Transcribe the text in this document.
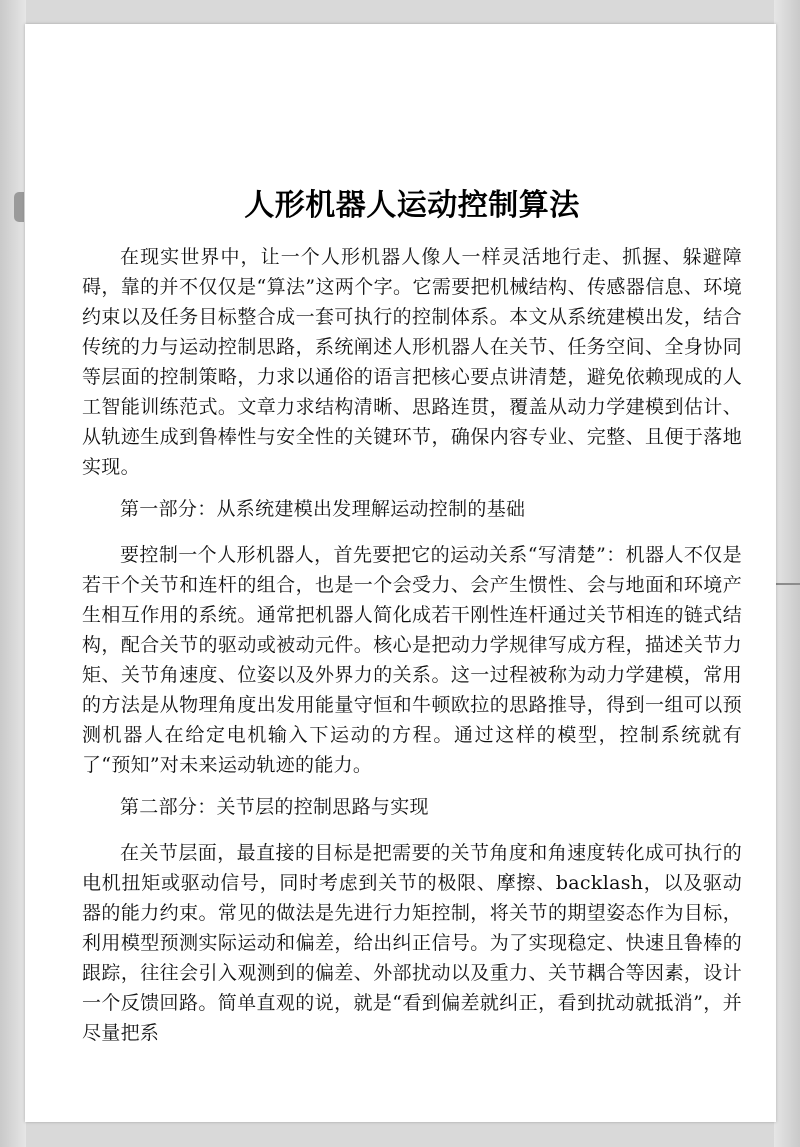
人形机器人运动控制算法

在现实世界中，让一个人形机器人像人一样灵活地行走、抓握、躲避障碍，靠的并不仅仅是“算法”这两个字。它需要把机械结构、传感器信息、环境约束以及任务目标整合成一套可执行的控制体系。本文从系统建模出发，结合传统的力与运动控制思路，系统阐述人形机器人在关节、任务空间、全身协同等层面的控制策略，力求以通俗的语言把核心要点讲清楚，避免依赖现成的人工智能训练范式。文章力求结构清晰、思路连贯，覆盖从动力学建模到估计、从轨迹生成到鲁棒性与安全性的关键环节，确保内容专业、完整、且便于落地实现。

第一部分：从系统建模出发理解运动控制的基础

要控制一个人形机器人，首先要把它的运动关系“写清楚”：机器人不仅是若干个关节和连杆的组合，也是一个会受力、会产生惯性、会与地面和环境产生相互作用的系统。通常把机器人简化成若干刚性连杆通过关节相连的链式结构，配合关节的驱动或被动元件。核心是把动力学规律写成方程，描述关节力矩、关节角速度、位姿以及外界力的关系。这一过程被称为动力学建模，常用的方法是从物理角度出发用能量守恒和牛顿欧拉的思路推导，得到一组可以预测机器人在给定电机输入下运动的方程。通过这样的模型，控制系统就有了“预知”对未来运动轨迹的能力。

第二部分：关节层的控制思路与实现

在关节层面，最直接的目标是把需要的关节角度和角速度转化成可执行的电机扭矩或驱动信号，同时考虑到关节的极限、摩擦、backlash，以及驱动器的能力约束。常见的做法是先进行力矩控制，将关节的期望姿态作为目标，利用模型预测实际运动和偏差，给出纠正信号。为了实现稳定、快速且鲁棒的跟踪，往往会引入观测到的偏差、外部扰动以及重力、关节耦合等因素，设计一个反馈回路。简单直观的说，就是“看到偏差就纠正，看到扰动就抵消”，并尽量把系
